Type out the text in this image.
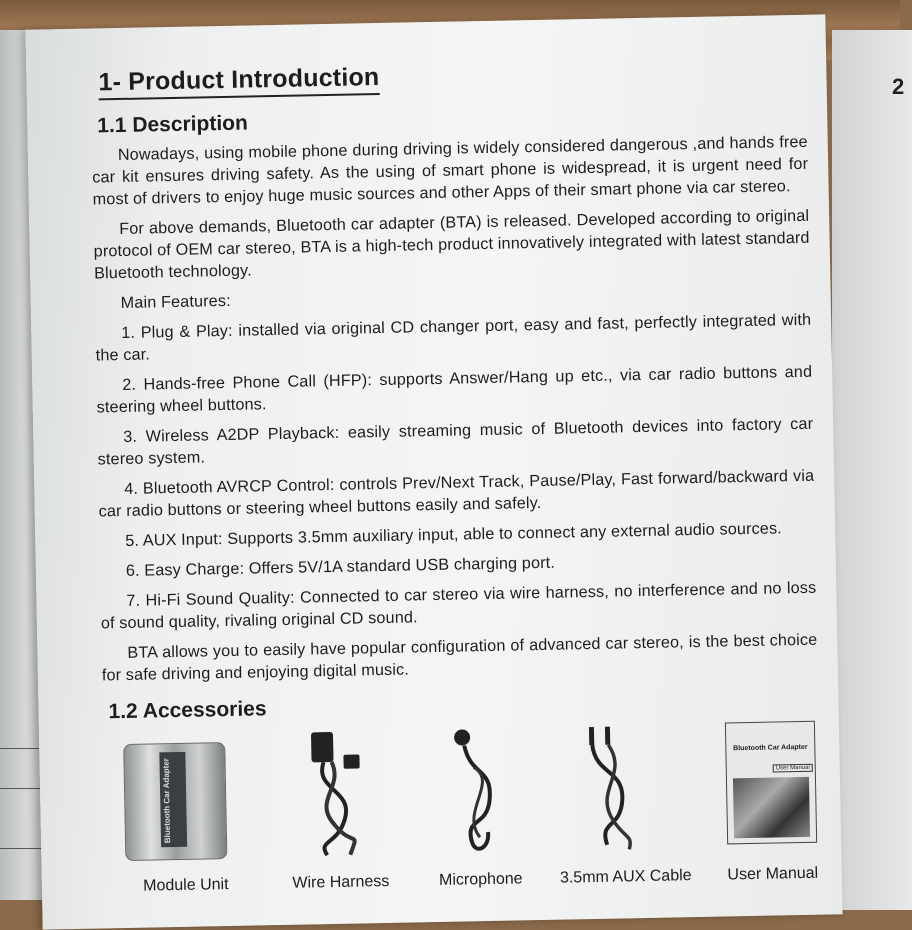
2
1- Product Introduction
1.1 Description

Nowadays, using mobile phone during driving is widely considered dangerous ,and hands free car kit ensures driving safety. As the using of smart phone is widespread, it is urgent need for most of drivers to enjoy huge music sources and other Apps of their smart phone via car stereo.

For above demands, Bluetooth car adapter (BTA) is released. Developed according to original protocol of OEM car stereo, BTA is a high-tech product innovatively integrated with latest standard Bluetooth technology.

Main Features:

1. Plug & Play: installed via original CD changer port, easy and fast, perfectly integrated with the car.

2. Hands-free Phone Call (HFP): supports Answer/Hang up etc., via car radio buttons and steering wheel buttons.

3. Wireless A2DP Playback: easily streaming music of Bluetooth devices into factory car stereo system.

4. Bluetooth AVRCP Control: controls Prev/Next Track, Pause/Play, Fast forward/backward via car radio buttons or steering wheel buttons easily and safely.

5. AUX Input: Supports 3.5mm auxiliary input, able to connect any external audio sources.

6. Easy Charge: Offers 5V/1A standard USB charging port.

7. Hi-Fi Sound Quality: Connected to car stereo via wire harness, no interference and no loss of sound quality, rivaling original CD sound.

BTA allows you to easily have popular configuration of advanced car stereo, is the best choice for safe driving and enjoying digital music.

1.2 Accessories
Bluetooth Car Adapter
Module Unit	Wire Harness	Microphone	3.5mm AUX Cable
Bluetooth Car Adapter
User Manual
User Manual
